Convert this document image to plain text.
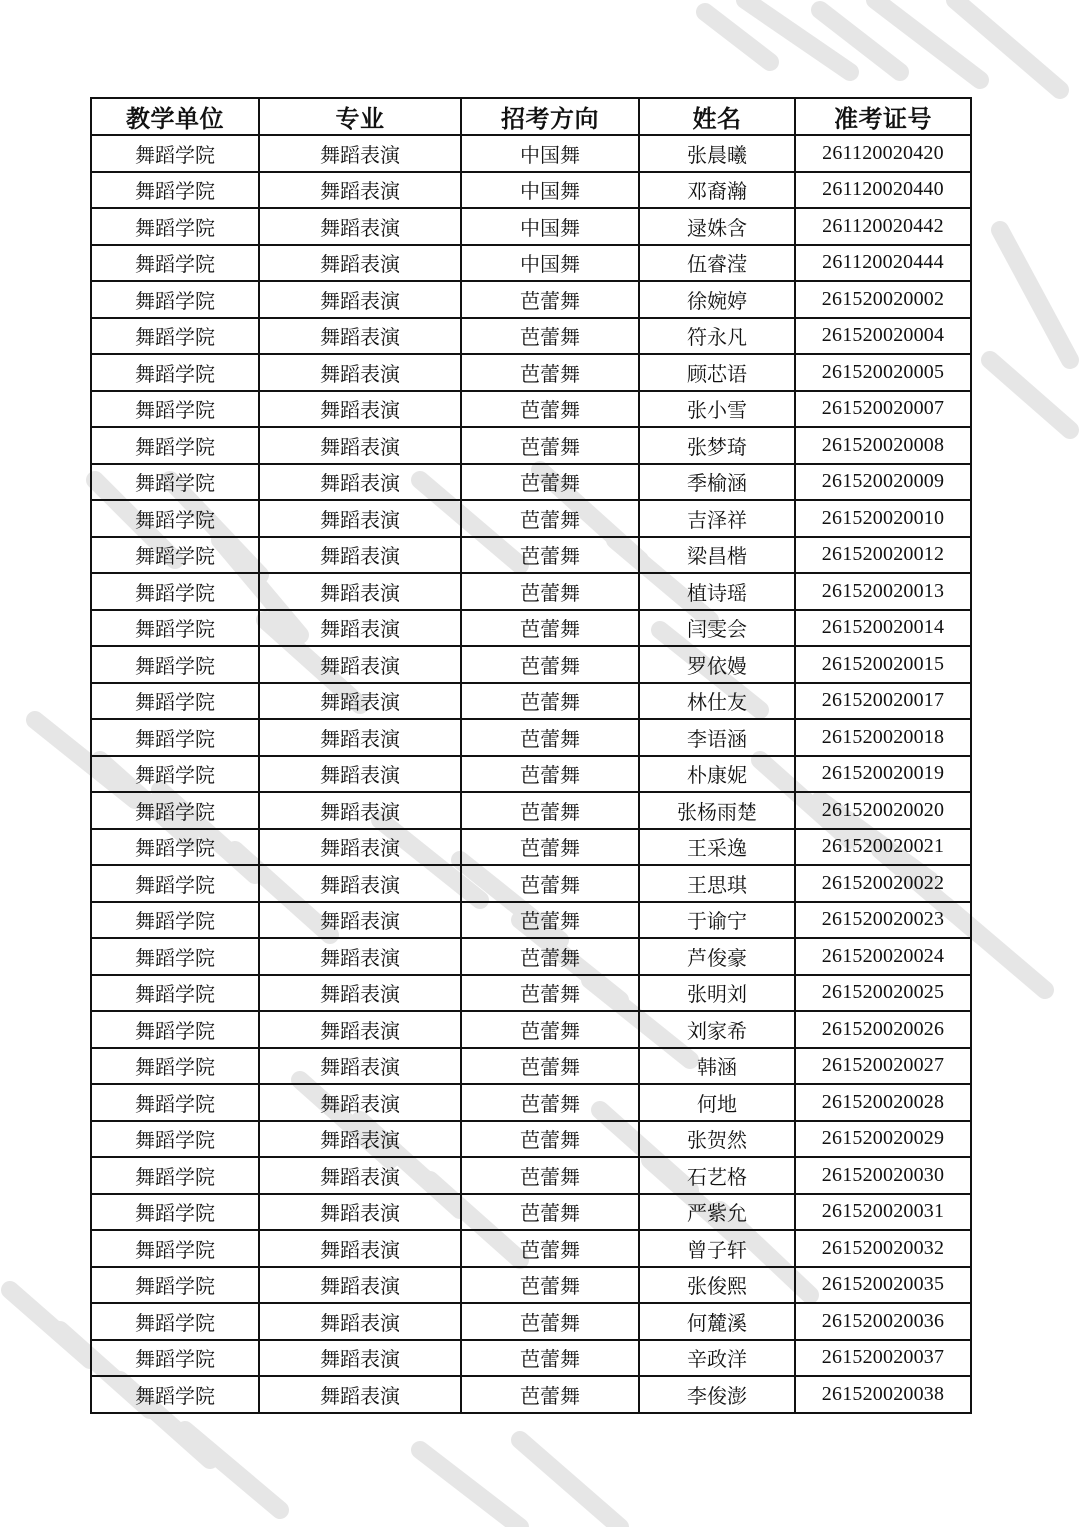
教学单位	专业	招考方向	姓名	准考证号
舞蹈学院	舞蹈表演	中国舞	张晨曦	261120020420
舞蹈学院	舞蹈表演	中国舞	邓裔瀚	261120020440
舞蹈学院	舞蹈表演	中国舞	逯姝含	261120020442
舞蹈学院	舞蹈表演	中国舞	伍睿滢	261120020444
舞蹈学院	舞蹈表演	芭蕾舞	徐婉婷	261520020002
舞蹈学院	舞蹈表演	芭蕾舞	符永凡	261520020004
舞蹈学院	舞蹈表演	芭蕾舞	顾芯语	261520020005
舞蹈学院	舞蹈表演	芭蕾舞	张小雪	261520020007
舞蹈学院	舞蹈表演	芭蕾舞	张梦琦	261520020008
舞蹈学院	舞蹈表演	芭蕾舞	季榆涵	261520020009
舞蹈学院	舞蹈表演	芭蕾舞	吉泽祥	261520020010
舞蹈学院	舞蹈表演	芭蕾舞	梁昌楷	261520020012
舞蹈学院	舞蹈表演	芭蕾舞	植诗瑶	261520020013
舞蹈学院	舞蹈表演	芭蕾舞	闫雯会	261520020014
舞蹈学院	舞蹈表演	芭蕾舞	罗依嫚	261520020015
舞蹈学院	舞蹈表演	芭蕾舞	林仕友	261520020017
舞蹈学院	舞蹈表演	芭蕾舞	李语涵	261520020018
舞蹈学院	舞蹈表演	芭蕾舞	朴康妮	261520020019
舞蹈学院	舞蹈表演	芭蕾舞	张杨雨楚	261520020020
舞蹈学院	舞蹈表演	芭蕾舞	王采逸	261520020021
舞蹈学院	舞蹈表演	芭蕾舞	王思琪	261520020022
舞蹈学院	舞蹈表演	芭蕾舞	于谕宁	261520020023
舞蹈学院	舞蹈表演	芭蕾舞	芦俊豪	261520020024
舞蹈学院	舞蹈表演	芭蕾舞	张明刘	261520020025
舞蹈学院	舞蹈表演	芭蕾舞	刘家希	261520020026
舞蹈学院	舞蹈表演	芭蕾舞	韩涵	261520020027
舞蹈学院	舞蹈表演	芭蕾舞	何地	261520020028
舞蹈学院	舞蹈表演	芭蕾舞	张贺然	261520020029
舞蹈学院	舞蹈表演	芭蕾舞	石艺格	261520020030
舞蹈学院	舞蹈表演	芭蕾舞	严紫允	261520020031
舞蹈学院	舞蹈表演	芭蕾舞	曾子轩	261520020032
舞蹈学院	舞蹈表演	芭蕾舞	张俊熙	261520020035
舞蹈学院	舞蹈表演	芭蕾舞	何麓溪	261520020036
舞蹈学院	舞蹈表演	芭蕾舞	辛政洋	261520020037
舞蹈学院	舞蹈表演	芭蕾舞	李俊澎	261520020038
